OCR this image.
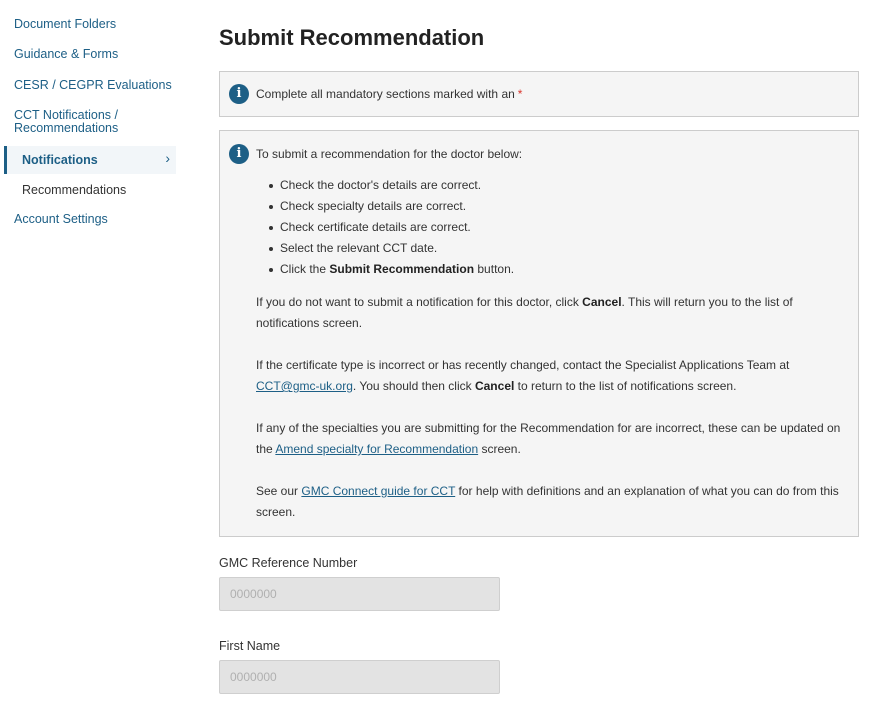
Document Folders
Guidance & Forms
CESR / CEGPR Evaluations
CCT Notifications / Recommendations
Notifications	›
Recommendations
Account Settings
Submit Recommendation
i	Complete all mandatory sections marked with an *
i	To submit a recommendation for the doctor below:
Check the doctor's details are correct.
Check specialty details are correct.
Check certificate details are correct.
Select the relevant CCT date.
Click the Submit Recommendation button.

If you do not want to submit a notification for this doctor, click Cancel. This will return you to the list of notifications screen.

If the certificate type is incorrect or has recently changed, contact the Specialist Applications Team at CCT@gmc-uk.org. You should then click Cancel to return to the list of notifications screen.

If any of the specialties you are submitting for the Recommendation for are incorrect, these can be updated on the Amend specialty for Recommendation screen.

See our GMC Connect guide for CCT for help with definitions and an explanation of what you can do from this screen.

GMC Reference Number
0000000
First Name
0000000
